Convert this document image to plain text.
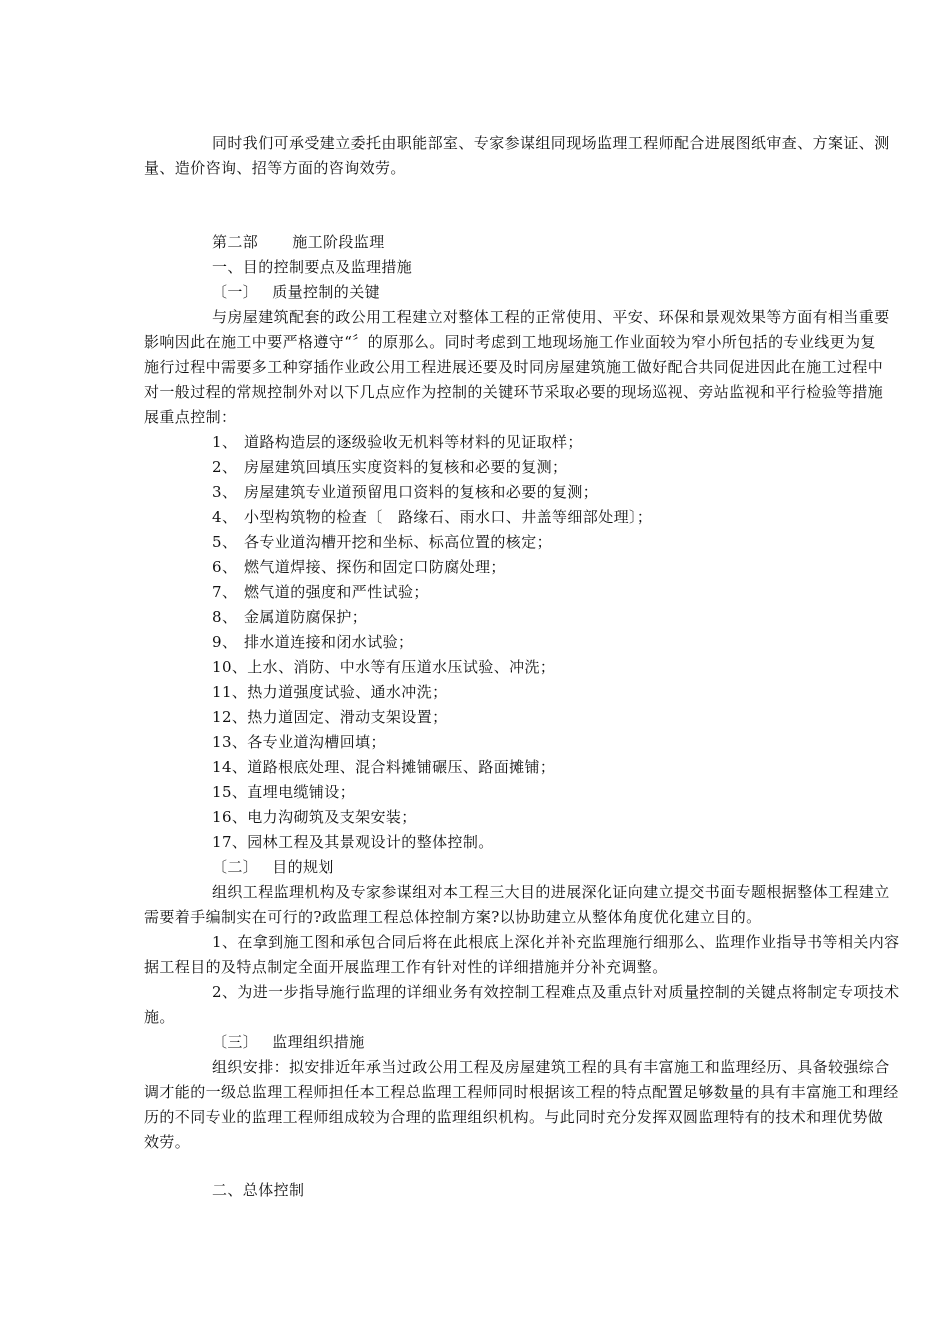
同时我们可承受建立委托由职能部室、专家参谋组同现场监理工程师配合进展图纸审查、方案证、测
量、造价咨询、招等方面的咨询效劳。
第二部 施工阶段监理
一、目的控制要点及监理措施
〔一〕 质量控制的关键
与房屋建筑配套的政公用工程建立对整体工程的正常使用、平安、环保和景观效果等方面有相当重要
影响因此在施工中要严格遵守“〞的原那么。同时考虑到工地现场施工作业面较为窄小所包括的专业线更为复
施行过程中需要多工种穿插作业政公用工程进展还要及时同房屋建筑施工做好配合共同促进因此在施工过程中
对一般过程的常规控制外对以下几点应作为控制的关键环节采取必要的现场巡视、旁站监视和平行检验等措施
展重点控制：
1、 道路构造层的逐级验收无机料等材料的见证取样；
2、 房屋建筑回填压实度资料的复核和必要的复测；
3、 房屋建筑专业道预留甩口资料的复核和必要的复测；
4、 小型构筑物的检查〔　路缘石、雨水口、井盖等细部处理〕；
5、 各专业道沟槽开挖和坐标、标高位置的核定；
6、 燃气道焊接、探伤和固定口防腐处理；
7、 燃气道的强度和严性试验；
8、 金属道防腐保护；
9、 排水道连接和闭水试验；
10、上水、消防、中水等有压道水压试验、冲洗；
11、热力道强度试验、通水冲洗；
12、热力道固定、滑动支架设置；
13、各专业道沟槽回填；
14、道路根底处理、混合料摊铺碾压、路面摊铺；
15、直埋电缆铺设；
16、电力沟砌筑及支架安装；
17、园林工程及其景观设计的整体控制。
〔二〕 目的规划
组织工程监理机构及专家参谋组对本工程三大目的进展深化证向建立提交书面专题根据整体工程建立
需要着手编制实在可行的?政监理工程总体控制方案?以协助建立从整体角度优化建立目的。
1、在拿到施工图和承包合同后将在此根底上深化并补充监理施行细那么、监理作业指导书等相关内容
据工程目的及特点制定全面开展监理工作有针对性的详细措施并分补充调整。
2、为进一步指导施行监理的详细业务有效控制工程难点及重点针对质量控制的关键点将制定专项技术
施。
〔三〕 监理组织措施
组织安排：拟安排近年承当过政公用工程及房屋建筑工程的具有丰富施工和监理经历、具备较强综合
调才能的一级总监理工程师担任本工程总监理工程师同时根据该工程的特点配置足够数量的具有丰富施工和理经
历的不同专业的监理工程师组成较为合理的监理组织机构。与此同时充分发挥双圆监理特有的技术和理优势做
效劳。
二、总体控制
